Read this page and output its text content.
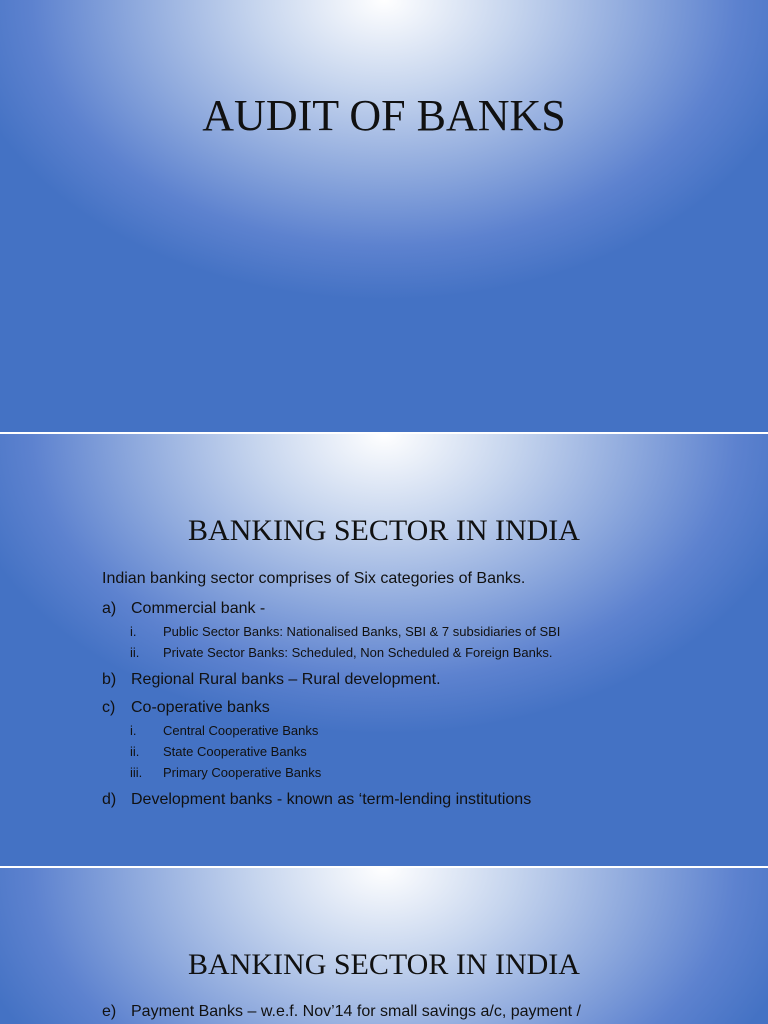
AUDIT OF BANKS
BANKING SECTOR IN INDIA

Indian banking sector comprises of Six categories of Banks.

a) Commercial bank -
i.	Public Sector Banks: Nationalised Banks, SBI & 7 subsidiaries of SBI
ii.	Private Sector Banks: Scheduled, Non Scheduled & Foreign Banks.
b) Regional Rural banks – Rural development.
c) Co-operative banks
i.	Central Cooperative Banks
ii.	State Cooperative Banks
iii.	Primary Cooperative Banks
d) Development banks - known as ‘term-lending institutions
BANKING SECTOR IN INDIA
e) Payment Banks – w.e.f. Nov’14 for small savings a/c, payment /
